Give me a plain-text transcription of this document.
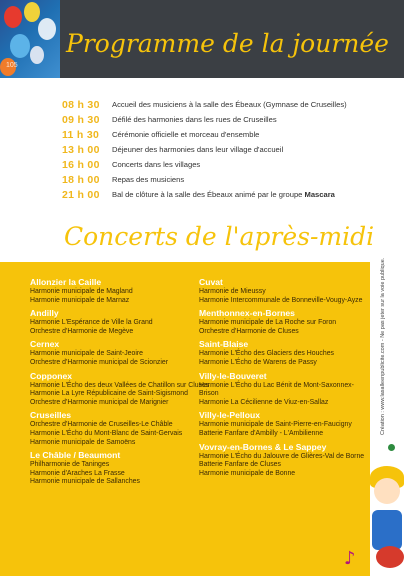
105
Programme de la journée
08 h 30	Accueil des musiciens à la salle des Ébeaux (Gymnase de Cruseilles)
09 h 30	Défilé des harmonies dans les rues de Cruseilles
11 h 30	Cérémonie officielle et morceau d'ensemble
13 h 00	Déjeuner des harmonies dans leur village d'accueil
16 h 00	Concerts dans les villages
18 h 00	Repas des musiciens
21 h 00	Bal de clôture à la salle des Ébeaux animé par le groupe Mascara
Concerts de l'après-midi
Allonzier la Caille
Harmonie municipale de Magland
Harmonie municipale de Marnaz
Andilly
Harmonie L'Espérance de Ville la Grand
Orchestre d'Harmonie de Megève
Cernex
Harmonie municipale de Saint-Jeoire
Orchestre d'Harmonie municipal de Scionzier
Copponex
Harmonie L'Écho des deux Vallées de Chatillon sur Cluses
Harmonie La Lyre Républicaine de Saint-Sigismond
Orchestre d'Harmonie municipal de Marignier
Cruseilles
Orchestre d'Harmonie de Cruseilles-Le Châble
Harmonie L'Écho du Mont-Blanc de Saint-Gervais
Harmonie municipale de Samoëns
Le Châble / Beaumont
Philharmonie de Taninges
Harmonie d'Araches La Frasse
Harmonie municipale de Sallanches
Cuvat
Harmonie de Mieussy
Harmonie Intercommunale de Bonneville-Vougy-Ayze
Menthonnex-en-Bornes
Harmonie municipale de La Roche sur Foron
Orchestre d'Harmonie de Cluses
Saint-Blaise
Harmonie L'Écho des Glaciers des Houches
Harmonie L'Écho de Warens de Passy
Villy-le-Bouveret
Harmonie L'Écho du Lac Bénit de Mont-Saxonnex-Brison
Harmonie La Cécilienne de Viuz-en-Sallaz
Villy-le-Pelloux
Harmonie municipale de Saint-Pierre-en-Faucigny
Batterie Fanfare d'Ambilly - L'Ambilienne
Vovray-en-Bornes & Le Sappey
Harmonie L'Écho du Jalouvre de Glières-Val de Borne
Batterie Fanfare de Cluses
Harmonie municipale de Bonne
Création : www.lasalleenpublicite.com - Ne pas jeter sur la voie publique.
♪
